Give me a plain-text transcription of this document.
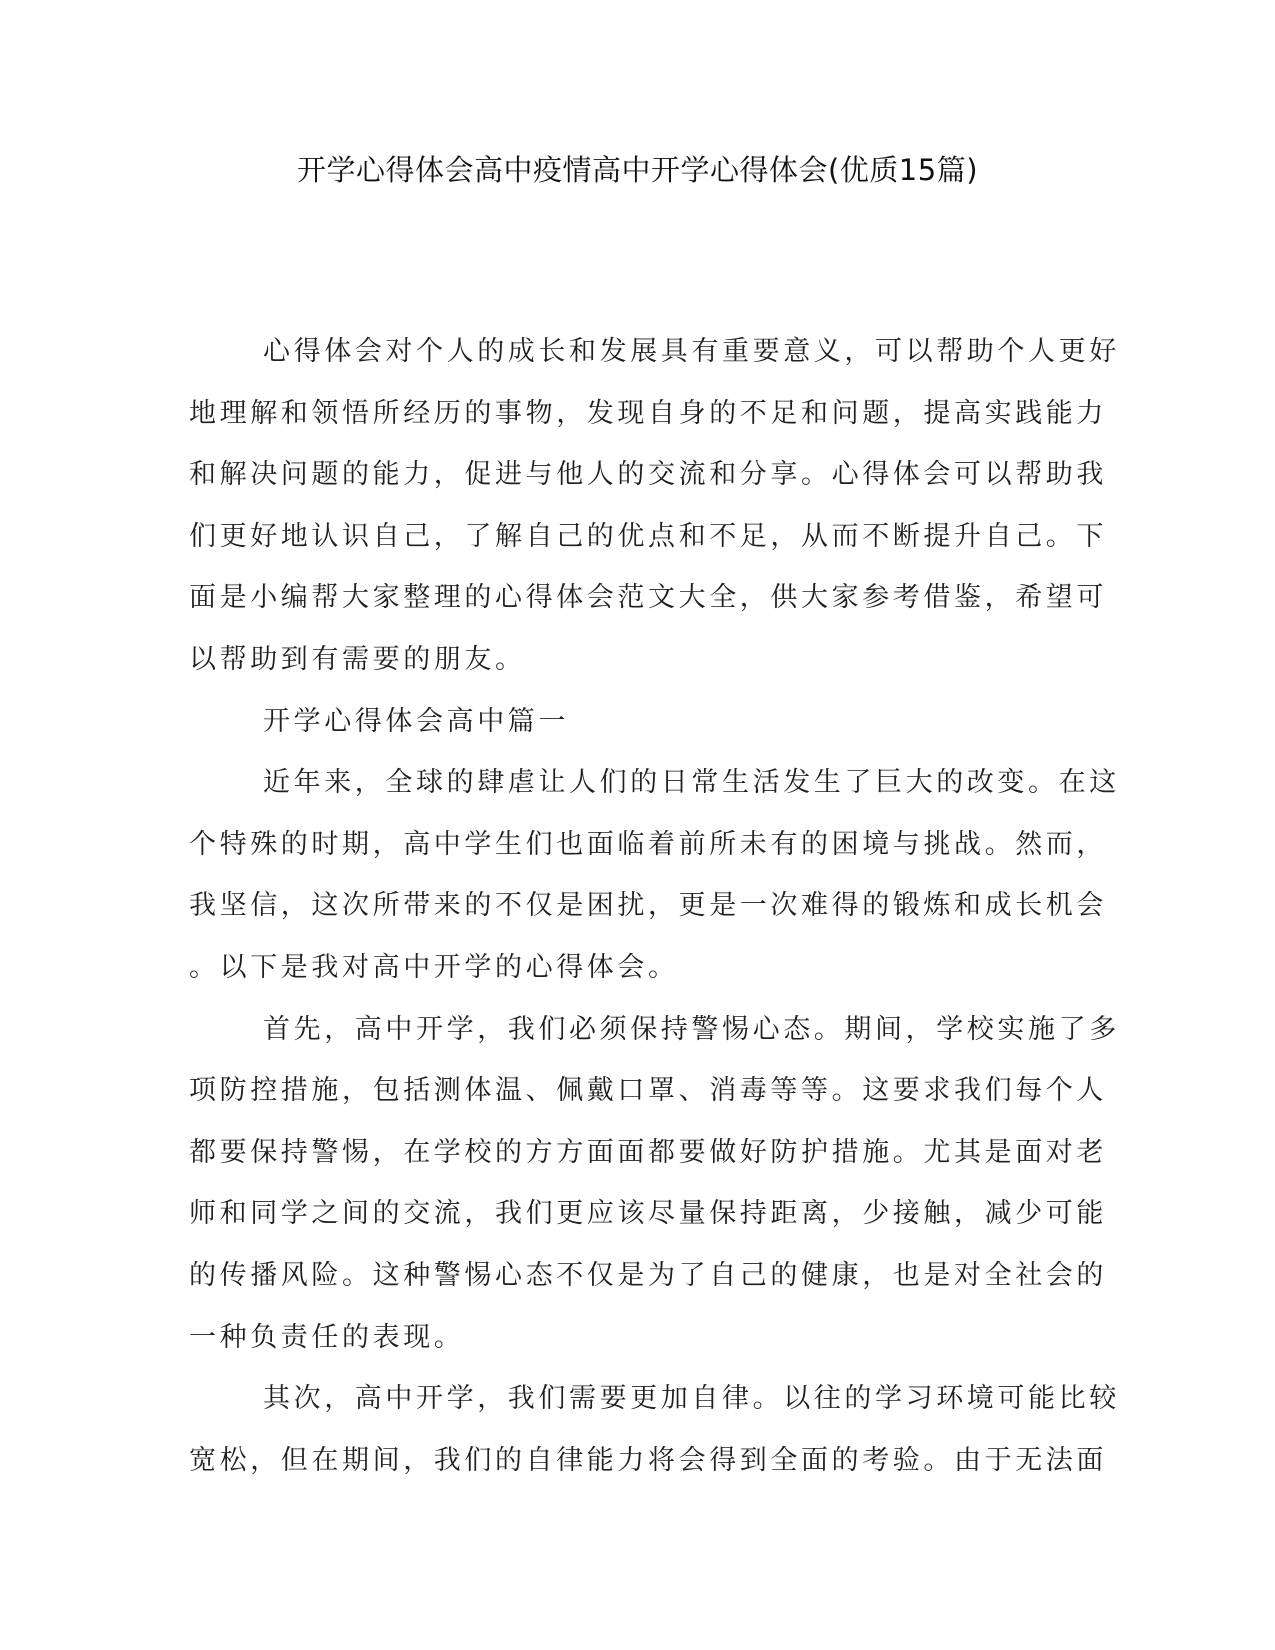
开学心得体会高中疫情高中开学心得体会(优质15篇)

心得体会对个人的成长和发展具有重要意义，可以帮助个人更好
地理解和领悟所经历的事物，发现自身的不足和问题，提高实践能力
和解决问题的能力，促进与他人的交流和分享。心得体会可以帮助我
们更好地认识自己，了解自己的优点和不足，从而不断提升自己。下
面是小编帮大家整理的心得体会范文大全，供大家参考借鉴，希望可
以帮助到有需要的朋友。

开学心得体会高中篇一

近年来，全球的肆虐让人们的日常生活发生了巨大的改变。在这
个特殊的时期，高中学生们也面临着前所未有的困境与挑战。然而，
我坚信，这次所带来的不仅是困扰，更是一次难得的锻炼和成长机会
。以下是我对高中开学的心得体会。

首先，高中开学，我们必须保持警惕心态。期间，学校实施了多
项防控措施，包括测体温、佩戴口罩、消毒等等。这要求我们每个人
都要保持警惕，在学校的方方面面都要做好防护措施。尤其是面对老
师和同学之间的交流，我们更应该尽量保持距离，少接触，减少可能
的传播风险。这种警惕心态不仅是为了自己的健康，也是对全社会的
一种负责任的表现。

其次，高中开学，我们需要更加自律。以往的学习环境可能比较
宽松，但在期间，我们的自律能力将会得到全面的考验。由于无法面
